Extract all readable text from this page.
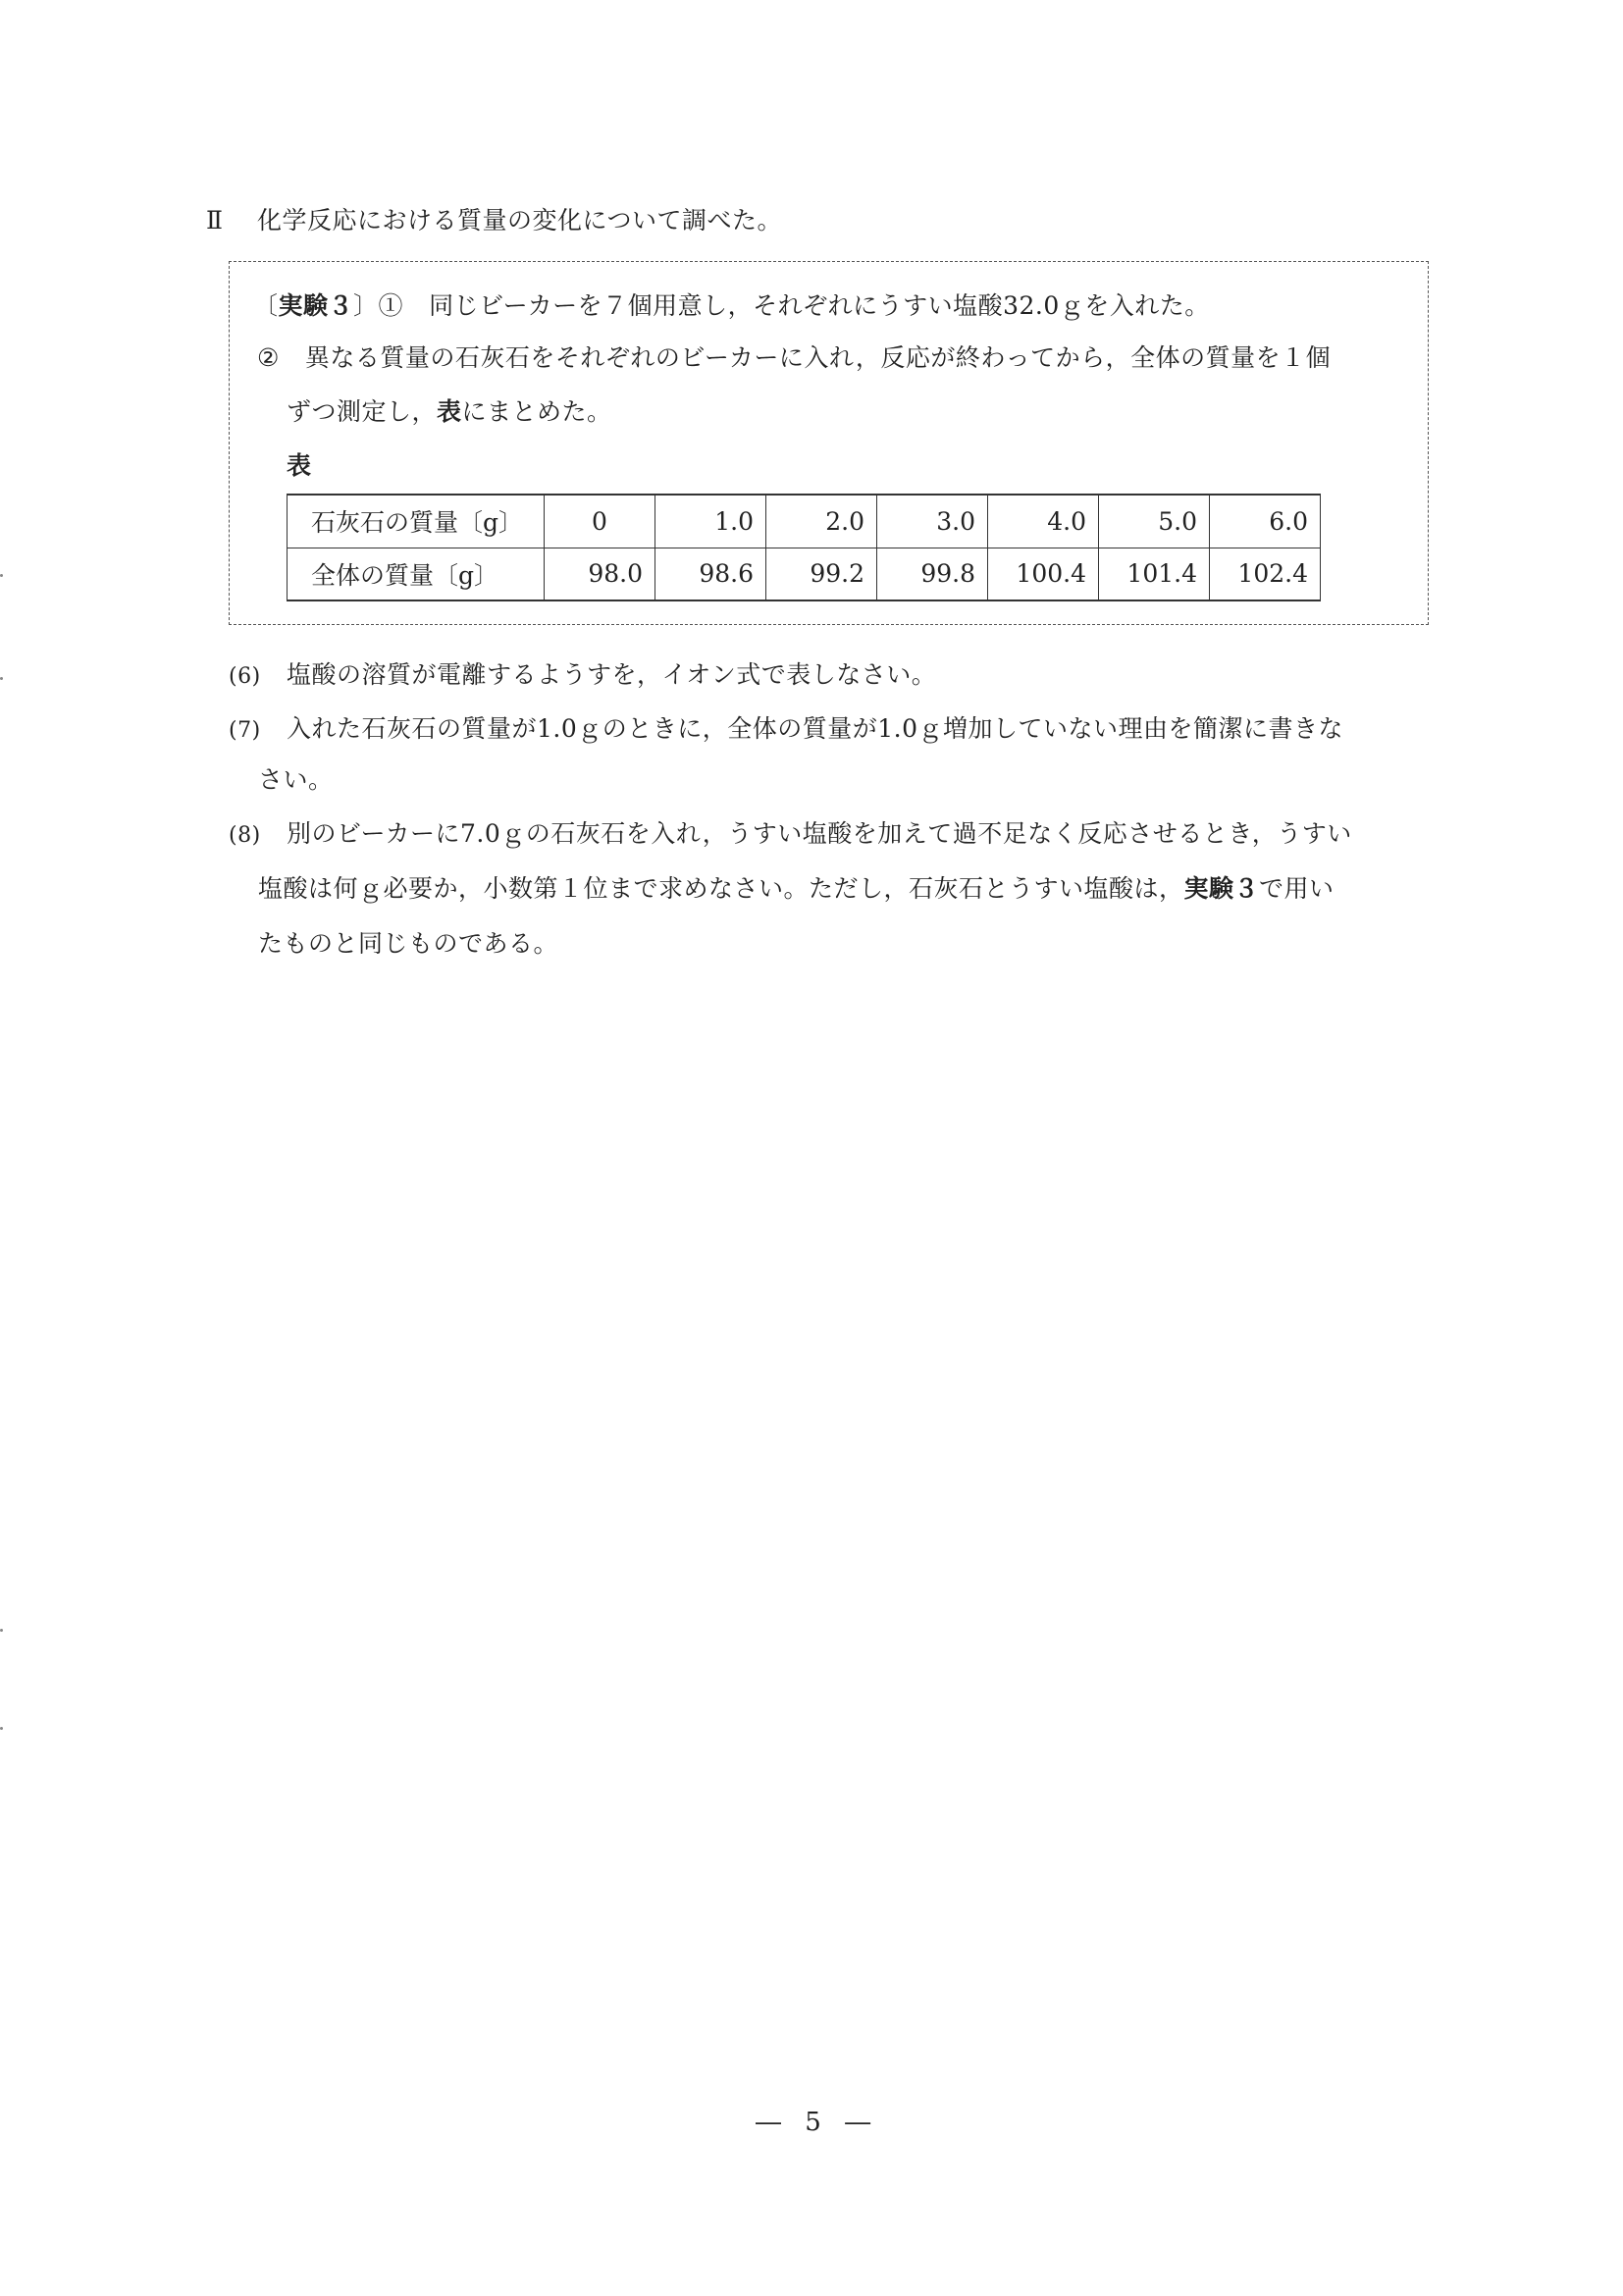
Ⅱ 化学反応における質量の変化について調べた。
〔実験３〕① 同じビーカーを７個用意し，それぞれにうすい塩酸32.0ｇを入れた。
② 異なる質量の石灰石をそれぞれのビーカーに入れ，反応が終わってから，全体の質量を１個
ずつ測定し，表にまとめた。
表
石灰石の質量〔g〕	0	1.0	2.0	3.0	4.0	5.0	6.0
全体の質量〔g〕	98.0	98.6	99.2	99.8	100.4	101.4	102.4
(6) 塩酸の溶質が電離するようすを，イオン式で表しなさい。
(7) 入れた石灰石の質量が1.0ｇのときに，全体の質量が1.0ｇ増加していない理由を簡潔に書きな
さい。
(8) 別のビーカーに7.0ｇの石灰石を入れ，うすい塩酸を加えて過不足なく反応させるとき，うすい
塩酸は何ｇ必要か，小数第１位まで求めなさい。ただし，石灰石とうすい塩酸は，実験３で用い
たものと同じものである。
― 5 ―
